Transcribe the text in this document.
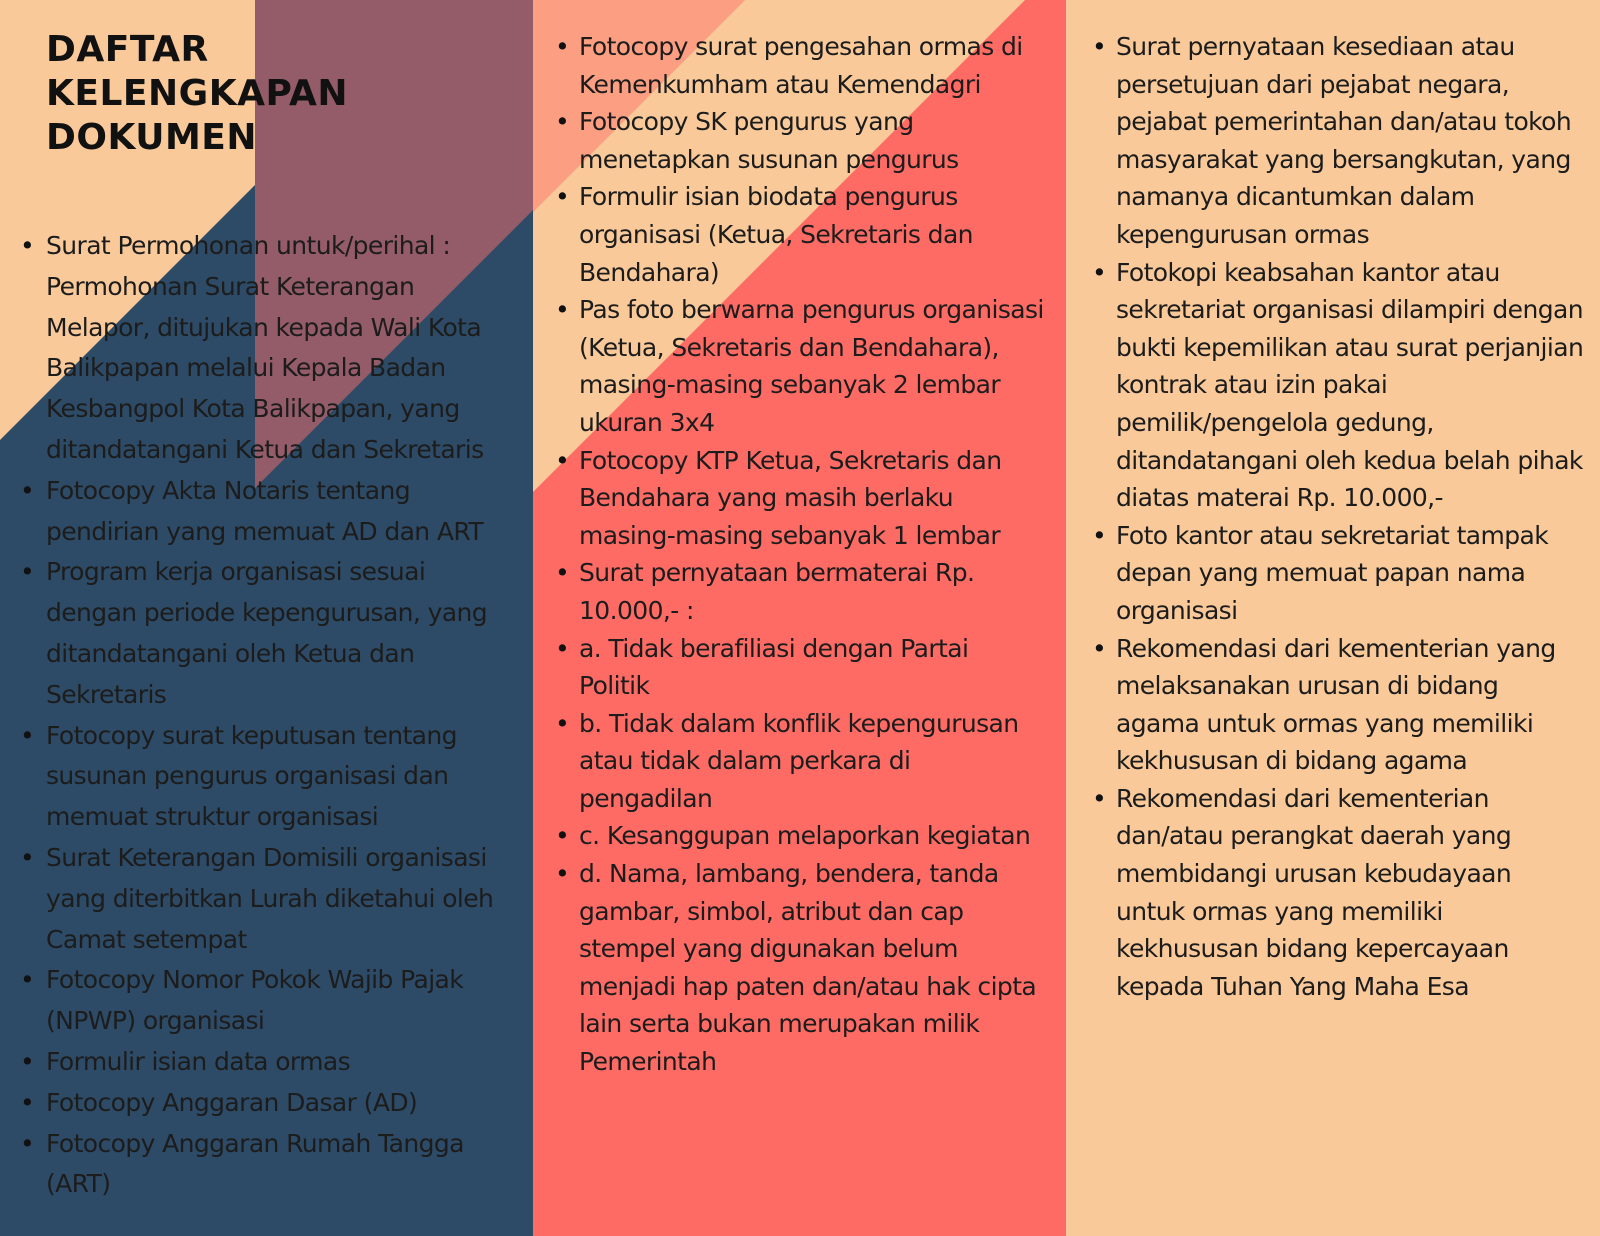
DAFTAR KELENGKAPAN DOKUMEN
• Surat Permohonan untuk/perihal : Permohonan Surat Keterangan Melapor, ditujukan kepada Wali Kota Balikpapan melalui Kepala Badan Kesbangpol Kota Balikpapan, yang ditandatangani Ketua dan Sekretaris
• Fotocopy Akta Notaris tentang pendirian yang memuat AD dan ART
• Program kerja organisasi sesuai dengan periode kepengurusan, yang ditandatangani oleh Ketua dan Sekretaris
• Fotocopy surat keputusan tentang susunan pengurus organisasi dan memuat struktur organisasi
• Surat Keterangan Domisili organisasi yang diterbitkan Lurah diketahui oleh Camat setempat
• Fotocopy Nomor Pokok Wajib Pajak (NPWP) organisasi
• Formulir isian data ormas
• Fotocopy Anggaran Dasar (AD)
• Fotocopy Anggaran Rumah Tangga (ART)
• Fotocopy surat pengesahan ormas di Kemenkumham atau Kemendagri
• Fotocopy SK pengurus yang menetapkan susunan pengurus
• Formulir isian biodata pengurus organisasi (Ketua, Sekretaris dan Bendahara)
• Pas foto berwarna pengurus organisasi (Ketua, Sekretaris dan Bendahara), masing-masing sebanyak 2 lembar ukuran 3x4
• Fotocopy KTP Ketua, Sekretaris dan Bendahara yang masih berlaku masing-masing sebanyak 1 lembar
• Surat pernyataan bermaterai Rp. 10.000,- :
• a. Tidak berafiliasi dengan Partai Politik
• b. Tidak dalam konflik kepengurusan atau tidak dalam perkara di pengadilan
• c. Kesanggupan melaporkan kegiatan
• d. Nama, lambang, bendera, tanda gambar, simbol, atribut dan cap stempel yang digunakan belum menjadi hap paten dan/atau hak cipta lain serta bukan merupakan milik Pemerintah
• Surat pernyataan kesediaan atau persetujuan dari pejabat negara, pejabat pemerintahan dan/atau tokoh masyarakat yang bersangkutan, yang namanya dicantumkan dalam kepengurusan ormas
• Fotokopi keabsahan kantor atau sekretariat organisasi dilampiri dengan bukti kepemilikan atau surat perjanjian kontrak atau izin pakai pemilik/pengelola gedung, ditandatangani oleh kedua belah pihak diatas materai Rp. 10.000,-
• Foto kantor atau sekretariat tampak depan yang memuat papan nama organisasi
• Rekomendasi dari kementerian yang melaksanakan urusan di bidang agama untuk ormas yang memiliki kekhususan di bidang agama
• Rekomendasi dari kementerian dan/atau perangkat daerah yang membidangi urusan kebudayaan untuk ormas yang memiliki kekhususan bidang kepercayaan kepada Tuhan Yang Maha Esa
